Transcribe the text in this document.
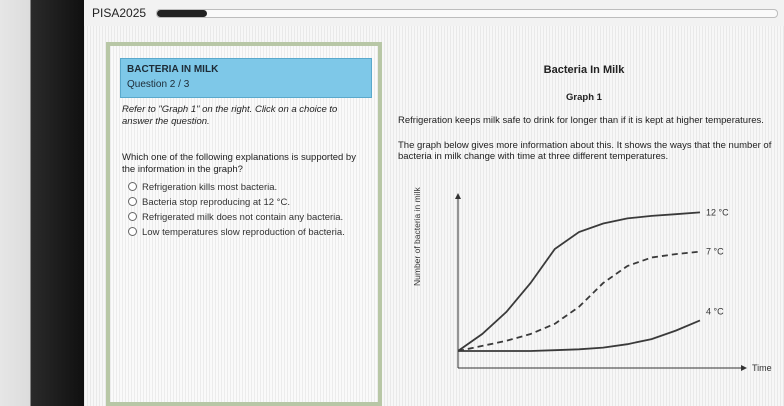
PISA2025
BACTERIA IN MILK
Question 2 / 3
Refer to "Graph 1" on the right. Click on a choice to answer the question.
Which one of the following explanations is supported by the information in the graph?
Refrigeration kills most bacteria.
Bacteria stop reproducing at 12 °C.
Refrigerated milk does not contain any bacteria.
Low temperatures slow reproduction of bacteria.
Bacteria In Milk
Graph 1
Refrigeration keeps milk safe to drink for longer than if it is kept at higher temperatures.
The graph below gives more information about this. It shows the ways that the number of bacteria in milk change with time at three different temperatures.
Time
12 °C
7 °C
4 °C
Number of bacteria in milk
